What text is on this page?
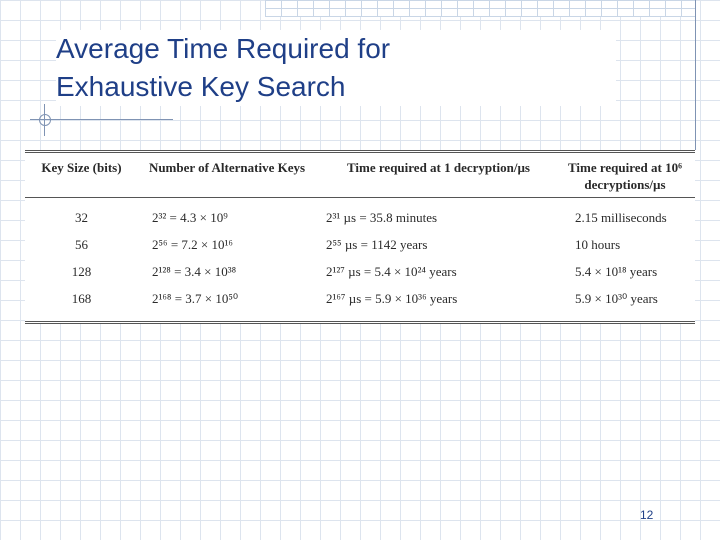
Average Time Required for
Exhaustive Key Search
Key Size (bits)	Number of Alternative Keys	Time required at 1 decryption/µs	Time required at 10⁶ decryptions/µs
32	2³² = 4.3 × 10⁹	2³¹ µs = 35.8 minutes	2.15 milliseconds
56	2⁵⁶ = 7.2 × 10¹⁶	2⁵⁵ µs = 1142 years	10 hours
128	2¹²⁸ = 3.4 × 10³⁸	2¹²⁷ µs = 5.4 × 10²⁴ years	5.4 × 10¹⁸ years
168	2¹⁶⁸ = 3.7 × 10⁵⁰	2¹⁶⁷ µs = 5.9 × 10³⁶ years	5.9 × 10³⁰ years
12
